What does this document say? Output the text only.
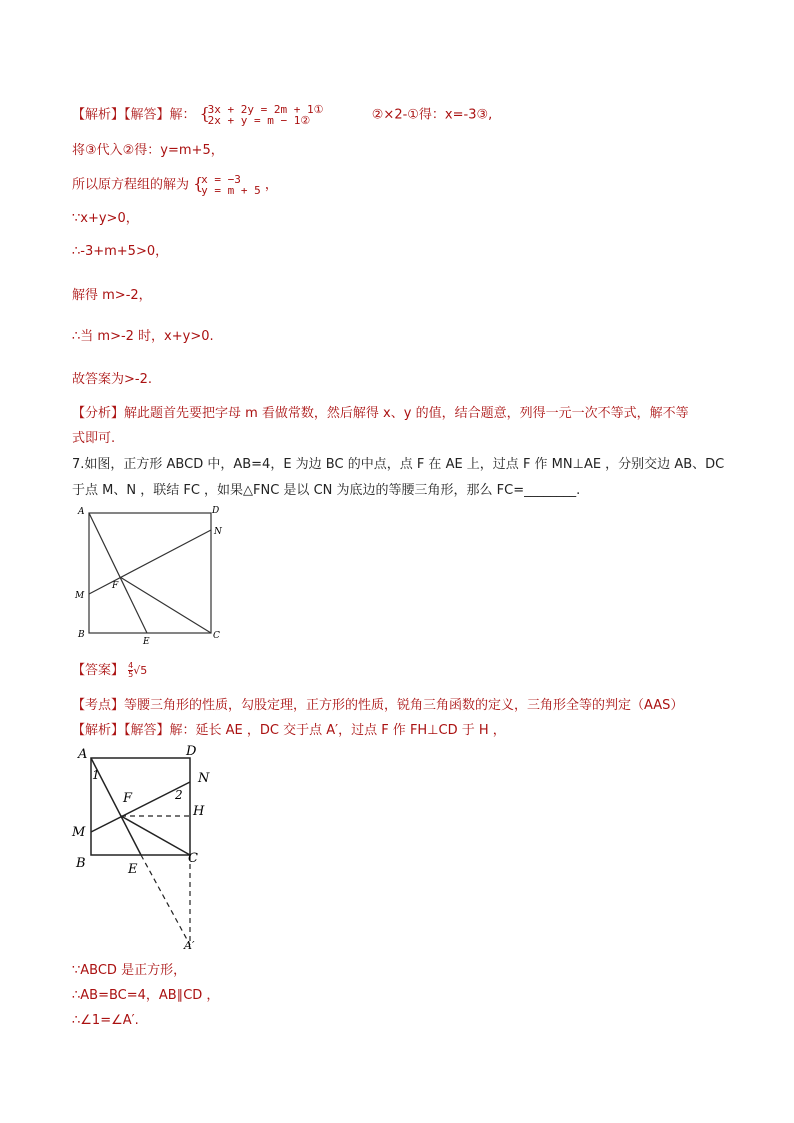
【解析】【解答】解： {
3x + 2y = 2m + 1①
2x + y = m − 1②	②×2-①得：x=-3③,
将③代入②得：y=m+5，
所以原方程组的解为 {
x = −3
y = m + 5 ，
∵x+y>0，
∴-3+m+5>0，
解得 m>-2，
∴当 m>-2 时，x+y>0.
故答案为>-2.
【分析】解此题首先要把字母 m 看做常数，然后解得 x、y 的值，结合题意，列得一元一次不等式，解不等
式即可.
7.如图，正方形 ABCD 中，AB=4，E 为边 BC 的中点，点 F 在 AE 上，过点 F 作 MN⊥AE ，分别交边 AB、DC
于点 M、N ，联结 FC ，如果△FNC 是以 CN 为底边的等腰三角形，那么 FC=________.
A	D
N
F
M
B
E
C
【答案】 $\frac{4}{5} √5$
【考点】等腰三角形的性质，勾股定理，正方形的性质，锐角三角函数的定义，三角形全等的判定（AAS）
【解析】【解答】解：延长 AE ，DC 交于点 A′，过点 F 作 FH⊥CD 于 H ，
A	D
1	N
2
F
H
M
B	E
C
A′
∵ABCD 是正方形，
∴AB=BC=4，AB∥CD ，
∴∠1=∠A′.
